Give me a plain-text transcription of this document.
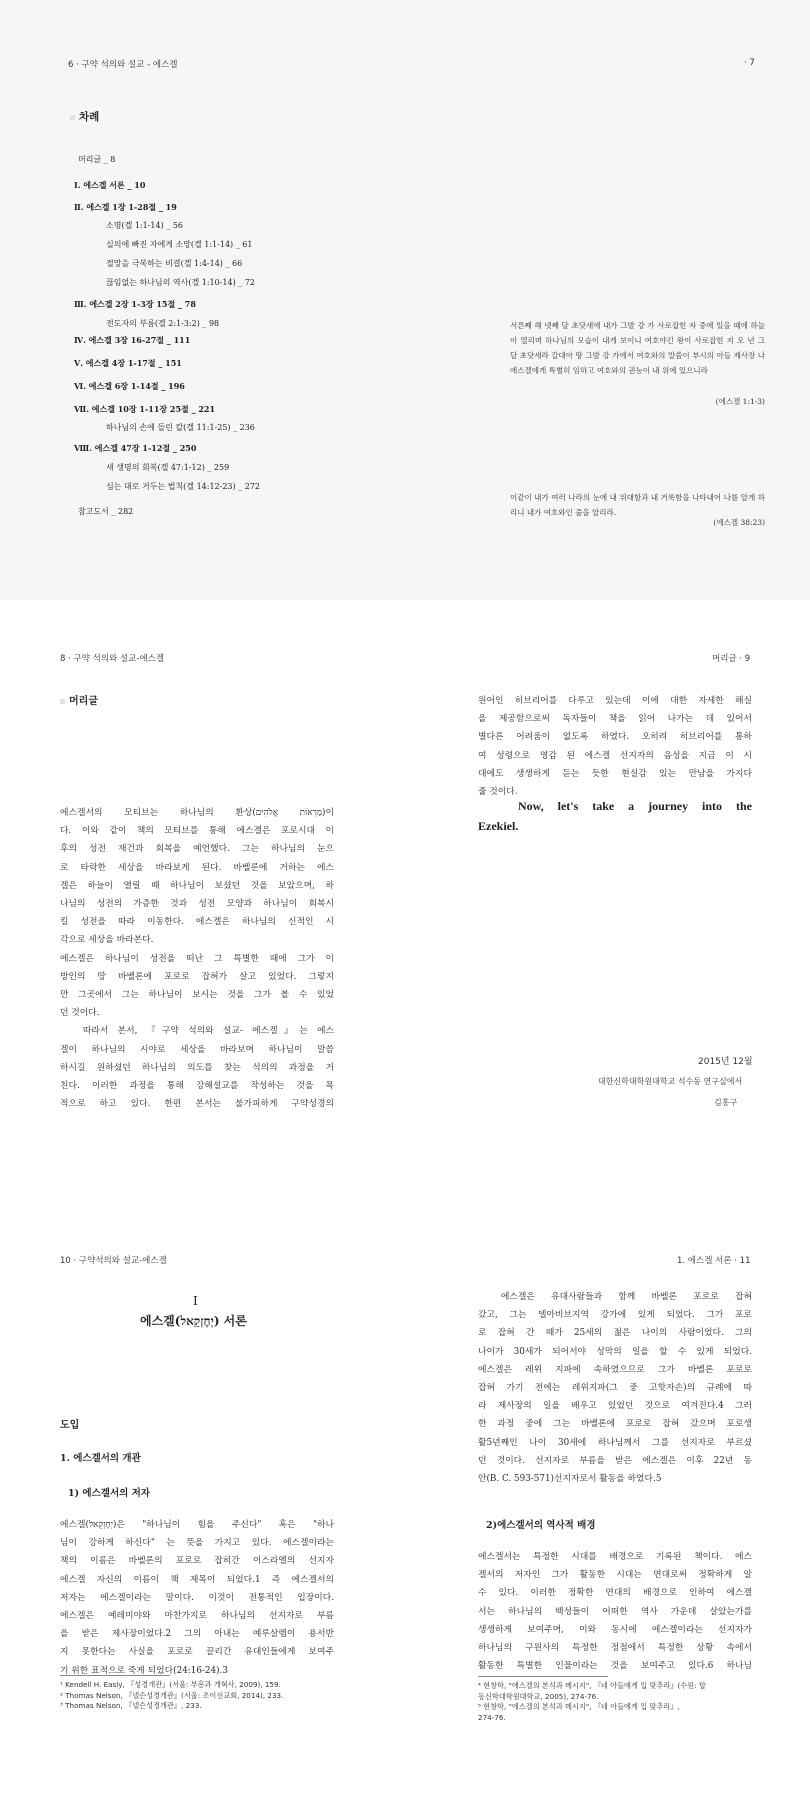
6 · 구약 석의와 설교 - 에스겔	· 7
차례
머리글 _ 8
Ⅰ. 에스겔 서론 _ 10
Ⅱ. 에스겔 1장 1-28절 _ 19
소명(겔 1:1-14) _ 56
실의에 빠진 자에게 소망(겔 1:1-14) _ 61
절망을 극복하는 비결(겔 1:4-14) _ 66
끊임없는 하나님의 역사(겔 1:10-14) _ 72
Ⅲ. 에스겔 2장 1-3장 15절 _ 78
전도자의 부름(겔 2:1-3:2) _ 98
Ⅳ. 에스겔 3장 16-27절 _ 111
Ⅴ. 에스겔 4장 1-17절 _ 151
Ⅵ. 에스겔 6장 1-14절 _ 196
Ⅶ. 에스겔 10장 1-11장 25절 _ 221
하나님의 손에 들린 칼(겔 11:1-25) _ 236
Ⅷ. 에스겔 47장 1-12절 _ 250
새 생명의 회복(겔 47:1-12) _ 259
심는 대로 거두는 법칙(겔 14:12-23) _ 272
참고도서 _ 282
서른째 해 넷째 달 초닷새에 내가 그발 강 가 사로잡힌 자 중에 있을 때에 하늘이 열리며 하나님의 모습이 내게 보이니 여호야긴 왕이 사로잡힌 지 오 년 그 달 초닷새라 갈대아 땅 그발 강 가에서 여호와의 말씀이 부시의 아들 제사장 나 에스겔에게 특별히 임하고 여호와의 권능이 내 위에 있으니라
(에스겔 1:1-3)
이같이 내가 여러 나라의 눈에 내 위대함과 내 거룩함을 나타내어 나를 알게 하리니 내가 여호와인 줄을 알리라.
(에스겔 38:23)
8 · 구약 석의와 설교-에스겔	머리글 · 9
머리글

에스겔서의 모티브는 하나님의 환상(מַרְאוֹת אֱלֹהִים)이

다. 이와 같이 책의 모티브를 통해 에스겔은 포로시대 이

후의 성전 재건과 회복을 예언했다. 그는 하나님의 눈으

로 타락한 세상을 바라보게 된다. 바벨론에 거하는 에스

겔은 하늘이 열릴 때 하나님이 보셨던 것을 보았으며, 하

나님의 성전의 가증한 것과 성전 모양과 하나님이 회복시

킬 성전을 따라 이동한다. 에스겔은 하나님의 신적인 시

각으로 세상을 바라본다.

에스겔은 하나님이 성전을 떠난 그 특별한 때에 그가 이

방인의 땅 바벨론에 포로로 잡혀가 살고 있었다. 그렇지

만 그곳에서 그는 하나님이 보시는 것을 그가 볼 수 있었

던 것이다.

따라서 본서, 『구약 석의와 설교- 에스겔』는 에스

겔이 하나님의 시야로 세상을 바라보며 하나님이 말씀

하시길 원하셨던 하나님의 의도를 찾는 석의의 과정을 거

친다. 이러한 과정을 통해 강해설교를 작성하는 것을 목

적으로 하고 있다. 한편 본서는 불가피하게 구약성경의

원어인 히브리어를 다루고 있는데 이에 대한 자세한 해실

을 제공함으로써 독자들이 책을 읽어 나가는 데 있어서

별다른 어려움이 없도록 하였다. 오히려 히브리어를 통하

여 성령으로 영감 된 에스겔 선지자의 음성을 지금 이 시

대에도 생생하게 듣는 듯한 현실감 있는 만남을 가지다

줄 것이다.

Now, let's take a journey into the
Ezekiel.
2015년 12월
대한신학대학원대학교 석수동 연구실에서
김홍구
10 · 구약석의와 설교-에스겔	1. 에스겔 서론 · 11
I
에스겔(יְחֶזְקֵאל) 서론
도입
1. 에스겔서의 개관
1) 에스겔서의 저자

에스겔(יְחֶזְקֵאל)은 "하나님이 힘을 주신다" 혹은 "하나

님이 강하게 하신다" 는 뜻을 가지고 있다. 에스겔이라는

책의 이름은 바벨론의 포로로 잡히간 이스라엘의 선지자

에스겔 자신의 이름이 책 제목이 되었다.1 즉 에스겔서의

저자는 에스겔이라는 말이다. 이것이 전통적인 입장이다.

에스겔은 예레미야와 마찬가지로 하나님의 선지자로 부름

을 받은 제사장이었다.2 그의 아내는 예루살렘이 용서반

지 못한다는 사실을 포로로 끌리간 유대인들에게 보여주

기 위한 표적으로 죽게 되었다(24:16-24).3

¹ Kendell H. Easly, 『성경개관』(서울: 부흥과 개혁사, 2009), 159.
² Thomas Nelson, 『넬슨성경개관』(서울: 조이선교회, 2014), 233.
³ Thomas Nelson, 『넬슨성경개관』, 233.

에스겔은 유대사람들과 함께 바벨론 포로로 잡혀

갔고, 그는 델아비브지역 강가에 있게 되었다. 그가 포로

로 잡혀 간 때가 25세의 젊은 나이의 사람이었다. 그의

나이가 30세가 되어서야 성막의 일을 할 수 있게 되었다.

에스겔은 레위 지파에 속하였으므로 그가 바벨론 포로로

잡혀 가기 전에는 레위지파(그 중 고핫자손)의 규례에 따

라 제사장의 일을 배우고 있었던 것으로 여겨진다.4 그러

한 과정 중에 그는 바벨론에 포로로 잡혀 갔으며 포로생

활5년째인 나이 30세에 하나님께서 그를 선지자로 부르셨

던 것이다. 선지자로 부름을 받은 에스겔은 이후 22년 동

안(B. C. 593-571)선지자로서 활동을 하였다.5

2)에스겔서의 역사적 배경

에스겔서는 특정한 시대를 배경으로 기록된 책이다. 에스

겔서의 저자인 그가 활동한 시대는 연대로써 정확하게 알

수 있다. 이러한 정확한 연대의 배경으로 인하여 에스겔

서는 하나님의 백성들이 어떠한 역사 가운데 살았는가를

생생하게 보여주며, 이와 동시에 에스겔이라는 선지자가

하나님의 구원사의 특정한 정점에서 특정한 상황 속에서

활동한 특별한 인물이라는 것을 보여주고 있다.6 하나님

⁴ 현창학, "에스겔의 본석과 메시지", 『네 아들에게 입 맞추라』(수원: 합
동신학대학원대학교, 2005), 274-76.
⁵ 현창학, "에스겔의 본석과 메시지", 『네 아들에게 입 맞추라』,
274-76.
